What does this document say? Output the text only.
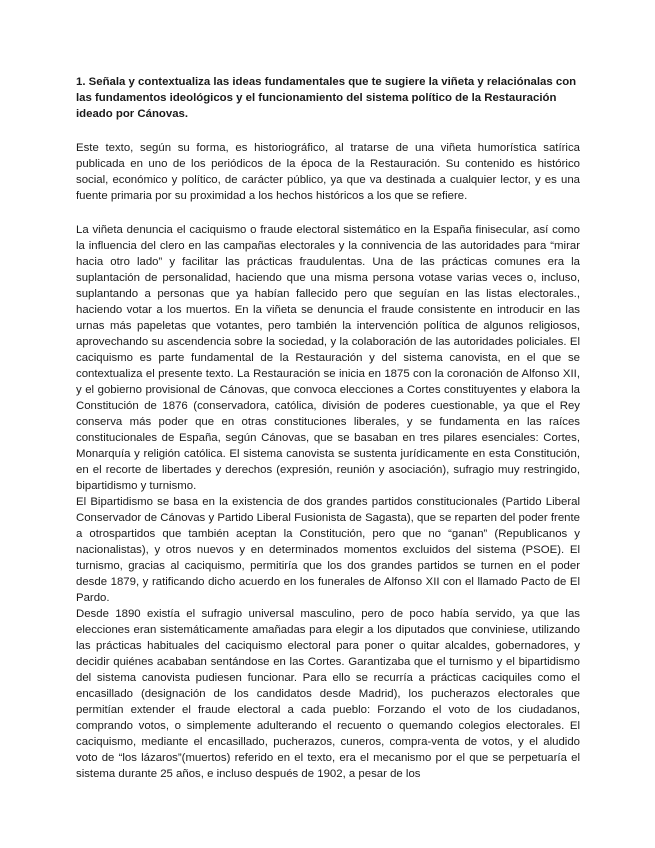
1. Señala y contextualiza las ideas fundamentales que te sugiere la viñeta y relaciónalas con las fundamentos ideológicos y el funcionamiento del sistema político de la Restauración ideado por Cánovas.

Este texto, según su forma, es historiográfico, al tratarse de una viñeta humorística satírica publicada en uno de los periódicos de la época de la Restauración. Su contenido es histórico social, económico y político, de carácter público, ya que va destinada a cualquier lector, y es una fuente primaria por su proximidad a los hechos históricos a los que se refiere.

La viñeta denuncia el caciquismo o fraude electoral sistemático en la España finisecular, así como la influencia del clero en las campañas electorales y la connivencia de las autoridades para “mirar hacia otro lado” y facilitar las prácticas fraudulentas. Una de las prácticas comunes era la suplantación de personalidad, haciendo que una misma persona votase varias veces o, incluso, suplantando a personas que ya habían fallecido pero que seguían en las listas electorales., haciendo votar a los muertos. En la viñeta se denuncia el fraude consistente en introducir en las urnas más papeletas que votantes, pero también la intervención política de algunos religiosos, aprovechando su ascendencia sobre la sociedad, y la colaboración de las autoridades policiales. El caciquismo es parte fundamental de la Restauración y del sistema canovista, en el que se contextualiza el presente texto. La Restauración se inicia en 1875 con la coronación de Alfonso XII, y el gobierno provisional de Cánovas, que convoca elecciones a Cortes constituyentes y elabora la Constitución de 1876 (conservadora, católica, división de poderes cuestionable, ya que el Rey conserva más poder que en otras constituciones liberales, y se fundamenta en las raíces constitucionales de España, según Cánovas, que se basaban en tres pilares esenciales: Cortes, Monarquía y religión católica. El sistema canovista se sustenta jurídicamente en esta Constitución, en el recorte de libertades y derechos (expresión, reunión y asociación), sufragio muy restringido, bipartidismo y turnismo.

El Bipartidismo se basa en la existencia de dos grandes partidos constitucionales (Partido Liberal Conservador de Cánovas y Partido Liberal Fusionista de Sagasta), que se reparten del poder frente a otrospartidos que también aceptan la Constitución, pero que no “ganan” (Republicanos y nacionalistas), y otros nuevos y en determinados momentos excluidos del sistema (PSOE). El turnismo, gracias al caciquismo, permitiría que los dos grandes partidos se turnen en el poder desde 1879, y ratificando dicho acuerdo en los funerales de Alfonso XII con el llamado Pacto de El Pardo.

Desde 1890 existía el sufragio universal masculino, pero de poco había servido, ya que las elecciones eran sistemáticamente amañadas para elegir a los diputados que conviniese, utilizando las prácticas habituales del caciquismo electoral para poner o quitar alcaldes, gobernadores, y decidir quiénes acababan sentándose en las Cortes. Garantizaba que el turnismo y el bipartidismo del sistema canovista pudiesen funcionar. Para ello se recurría a prácticas caciquiles como el encasillado (designación de los candidatos desde Madrid), los pucherazos electorales que permitían extender el fraude electoral a cada pueblo: Forzando el voto de los ciudadanos, comprando votos, o simplemente adulterando el recuento o quemando colegios electorales. El caciquismo, mediante el encasillado, pucherazos, cuneros, compra-venta de votos, y el aludido voto de “los lázaros”(muertos) referido en el texto, era el mecanismo por el que se perpetuaría el sistema durante 25 años, e incluso después de 1902, a pesar de los
